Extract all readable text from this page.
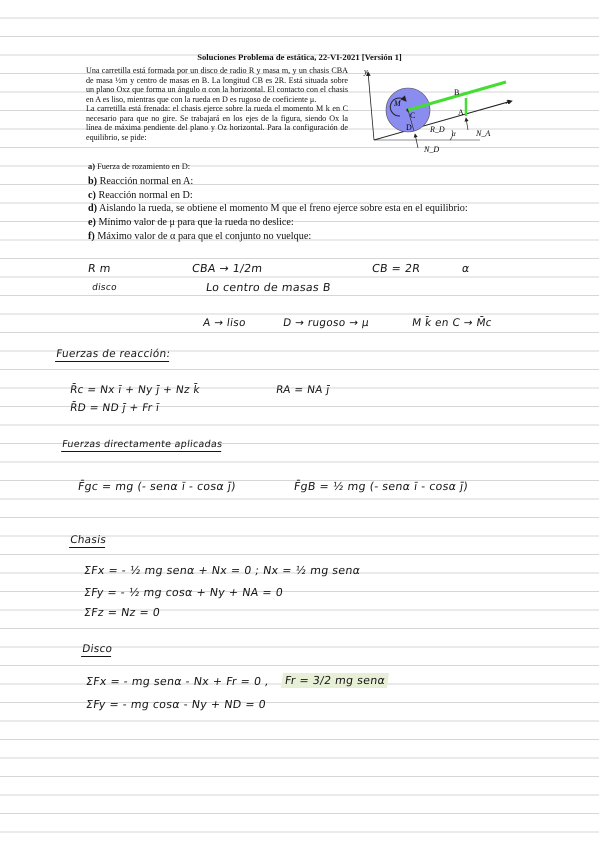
Soluciones Problema de estática, 22-VI-2021 [Versión 1]

Una carretilla está formada por un disco de radio R y masa m, y un chasis CBA de masa ½m y centro de masas en B. La longitud CB es 2R. Está situada sobre un plano Oxz que forma un ángulo α con la horizontal. El contacto con el chasis en A es liso, mientras que con la rueda en D es rugoso de coeficiente μ.

La carretilla está frenada: el chasis ejerce sobre la rueda el momento M k en C necesario para que no gire. Se trabajará en los ejes de la figura, siendo Ox la línea de máxima pendiente del plano y Oz horizontal. Para la configuración de equilibrio, se pide:

a) Fuerza de rozamiento en D:
b) Reacción normal en A:
c) Reacción normal en D:
d) Aislando la rueda, se obtiene el momento M que el freno ejerce sobre esta en el equilibrio:
e) Mínimo valor de μ para que la rueda no deslice:
f) Máximo valor de α para que el conjunto no vuelque:
y
x
α
M
C
B
A
N_A
D R_D
N_D
R m	CBA → 1/2m	CB = 2R	α
disco	Lo centro de masas B
A → liso	D → rugoso → μ	M k̄ en C → M̄c
Fuerzas de reacción:
R̄c = Nx ī + Ny j̄ + Nz k̄	RA = NA j̄
R̄D = ND j̄ + Fr ī
Fuerzas directamente aplicadas
F̄gc = mg (- senα ī - cosα j̄)	F̄gB = ½ mg (- senα ī - cosα j̄)
Chasis
ΣFx = - ½ mg senα + Nx = 0 ; Nx = ½ mg senα
ΣFy = - ½ mg cosα + Ny + NA = 0
ΣFz = Nz = 0
Disco
ΣFx = - mg senα - Nx + Fr = 0 , Fr = 3/2 mg senα
ΣFy = - mg cosα - Ny + ND = 0
